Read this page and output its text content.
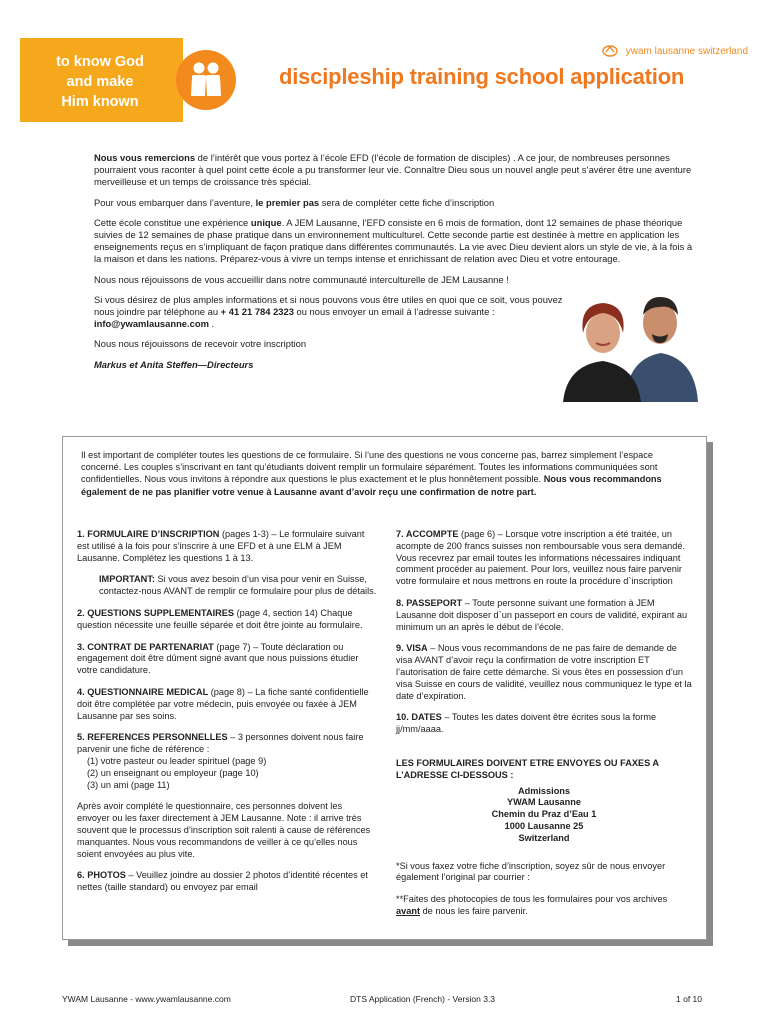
to know God
and make
Him known
ywam lausanne switzerland
discipleship training school application

Nous vous remercions de l’intérêt que vous portez à l’école EFD (l’école de formation de disciples) . A ce jour, de nombreuses personnes pourraient vous raconter à quel point cette école a pu transformer leur vie. Connaître Dieu sous un nouvel angle peut s’avérer être une aventure merveilleuse et un temps de croissance très spécial.

Pour vous embarquer dans l’aventure, le premier pas sera de compléter cette fiche d’inscription

Cette école constitue une expérience unique. A JEM Lausanne, l’EFD consiste en 6 mois de formation, dont 12 semaines de phase théorique suivies de 12 semaines de phase pratique dans un environnement multiculturel. Cette seconde partie est destinée à mettre en application les enseignements reçus en s’impliquant de façon pratique dans différentes communautés. La vie avec Dieu devient alors un style de vie, à la fois à la maison et dans les nations. Préparez-vous à vivre un temps intense et enrichissant de relation avec Dieu et votre entourage.

Nous nous réjouissons de vous accueillir dans notre communauté interculturelle de JEM Lausanne !

Si vous désirez de plus amples informations et si nous pouvons vous être utiles en quoi que ce soit, vous pouvez nous joindre par téléphone au + 41 21 784 2323 ou nous envoyer un email à l’adresse suivante : info@ywamlausanne.com .

Nous nous réjouissons de recevoir votre inscription

Markus et Anita Steffen—Directeurs

Il est important de compléter toutes les questions de ce formulaire. Si l’une des questions ne vous concerne pas, barrez simplement l’espace concerné. Les couples s’inscrivant en tant qu’étudiants doivent remplir un formulaire séparément. Toutes les informations communiquées sont confidentielles. Nous vous invitons à répondre aux questions le plus exactement et le plus honnêtement possible. Nous vous recommandons également de ne pas planifier votre venue à Lausanne avant d’avoir reçu une confirmation de notre part.
1. FORMULAIRE D’INSCRIPTION (pages 1-3) – Le formulaire suivant est utilisé à la fois pour s’inscrire à une EFD et à une ELM à JEM Lausanne. Complétez les questions 1 à 13.
IMPORTANT: Si vous avez besoin d’un visa pour venir en Suisse, contactez-nous AVANT de remplir ce formulaire pour plus de détails.
2. QUESTIONS SUPPLEMENTAIRES (page 4, section 14) Chaque question nécessite une feuille séparée et doit être jointe au formulaire.
3. CONTRAT DE PARTENARIAT (page 7) – Toute déclaration ou engagement doit être dûment signé avant que nous puissions étudier votre candidature.
4. QUESTIONNAIRE MEDICAL (page 8) – La fiche santé confidentielle doit être complétée par votre médecin, puis envoyée ou faxée à JEM Lausanne par ses soins.
5. REFERENCES PERSONNELLES – 3 personnes doivent nous faire parvenir une fiche de référence :
(1) votre pasteur ou leader spirituel (page 9)
(2) un enseignant ou employeur (page 10)
(3) un ami (page 11)
Après avoir complété le questionnaire, ces personnes doivent les envoyer ou les faxer directement à JEM Lausanne. Note : il arrive très souvent que le processus d’inscription soit ralenti à cause de références manquantes. Nous vous recommandons de veiller à ce qu’elles nous soient envoyées au plus vite.
6. PHOTOS – Veuillez joindre au dossier 2 photos d’identité récentes et nettes (taille standard) ou envoyez par email
7. ACCOMPTE (page 6) – Lorsque votre inscription a été traitée, un acompte de 200 francs suisses non remboursable vous sera demandé. Vous recevrez par email toutes les informations nécessaires indiquant comment procéder au paiement. Pour lors, veuillez nous faire parvenir votre formulaire et nous mettrons en route la procédure d`inscription
8. PASSEPORT – Toute personne suivant une formation à JEM Lausanne doit disposer d`un passeport en cours de validité, expirant au minimum un an après le début de l’école.
9. VISA – Nous vous recommandons de ne pas faire de demande de visa AVANT d’avoir reçu la confirmation de votre inscription ET l’autorisation de faire cette démarche. Si vous êtes en possession d’un visa Suisse en cours de validité, veuillez nous communiquez le type et la date d’expiration.
10. DATES – Toutes les dates doivent être écrites sous la forme jj/mm/aaaa.
LES FORMULAIRES DOIVENT ETRE ENVOYES OU FAXES A L’ADRESSE CI-DESSOUS :
Admissions
YWAM Lausanne
Chemin du Praz d’Eau 1
1000 Lausanne 25
Switzerland
*Si vous faxez votre fiche d’inscription, soyez sûr de nous envoyer également l’original par courrier :
**Faites des photocopies de tous les formulaires pour vos archives avant de nous les faire parvenir.
YWAM Lausanne - www.ywamlausanne.com	DTS Application (French) - Version 3.3	1 of 10
